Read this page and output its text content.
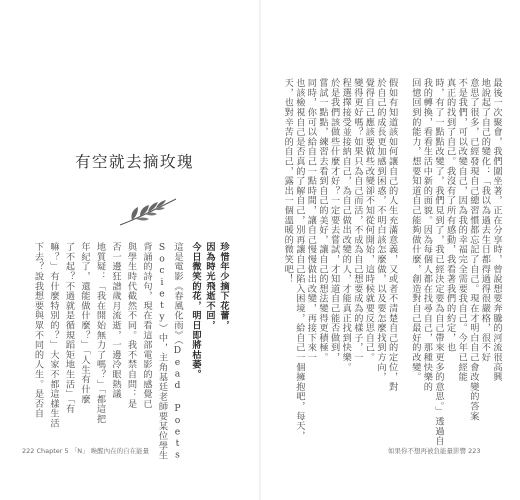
有空就去摘玫瑰
珍惜年少摘下花蕾，
因為時光飛逝不回，
今日微笑的花，明日即將枯萎。
這是電影《春風化雨》（Dead Poets
Society）中，主角基廷老師要某位學生
背誦的詩句，現在看這部電影的感覺已
與學生時代截然不同。我不禁自問：是
否一邊狂譜歲月流逝，一邊冷眼熱議
地質疑：「我在開始無力了嗎？」「都這把
年紀了，還能做什麼？」「人生有什麼
了不起？不過就是循規蹈矩地生活」「有
嘛？」有什麼特別的？」大家不都這樣生活
下去？說我想要與眾不同的人生。是否自
222 Chapter 5 「N」 喚醒內在的自在能量
最後一次聚會，我們圍坐著，正在分享時，曾說想要奔騰的河流很高興
地說起了自己的變化：「我以為過去生日都得過得很嚴格，很不好
意思了很多，已經發現自己總習慣都忘記了自己。現在才明白自己會改變的答案
不是我們，可以改變自己，因為我的幸福完全需要我自己。今年已經能
真正的找到了自己。我沒有了所有感動，我看著我們的約定，也
時，有了一點點改變了，我們見到了，我已經決定要為自己帶來更多的意思。」透過自
我的轉換，看看生活中新的面貌。因為每個人都在找尋自己，那種快樂的
回憶回到的能力，想要知道自己能夠做什麼，創造對自己最好的改變。
假如有知道該如何讓自己的人生充滿意義，又或者不清楚自己的定位，對
於自己的成長更加感到困惑，不明白該怎麼做，以及要怎麼找到方向，
覺得自己應該要做些改變卻不知從何開始，這時候就要反思自己。
變得更好嗎？如果只為自己而活，不成為自己想要成為的樣子，一
程選擇接受並接納自己，為自己做出改變的人，才能真正找到快樂。
於是我們該做些什麼才好？一定要去嘗試，才知道自己能否做到，
嘗試一點點，練習去看到自己的美好，讓自己的想法變得更積極。
同時，你可以給自己一點時間，讓自己慢慢做出改變，再接下來一
也該檢視自己是否真的了解自己，別再讓自己陷入困境，給自己一個擁抱吧，每天，
天，也對辛苦的自己，露出一個溫暖的微笑吧！
如果你不想再被負能量影響 223
